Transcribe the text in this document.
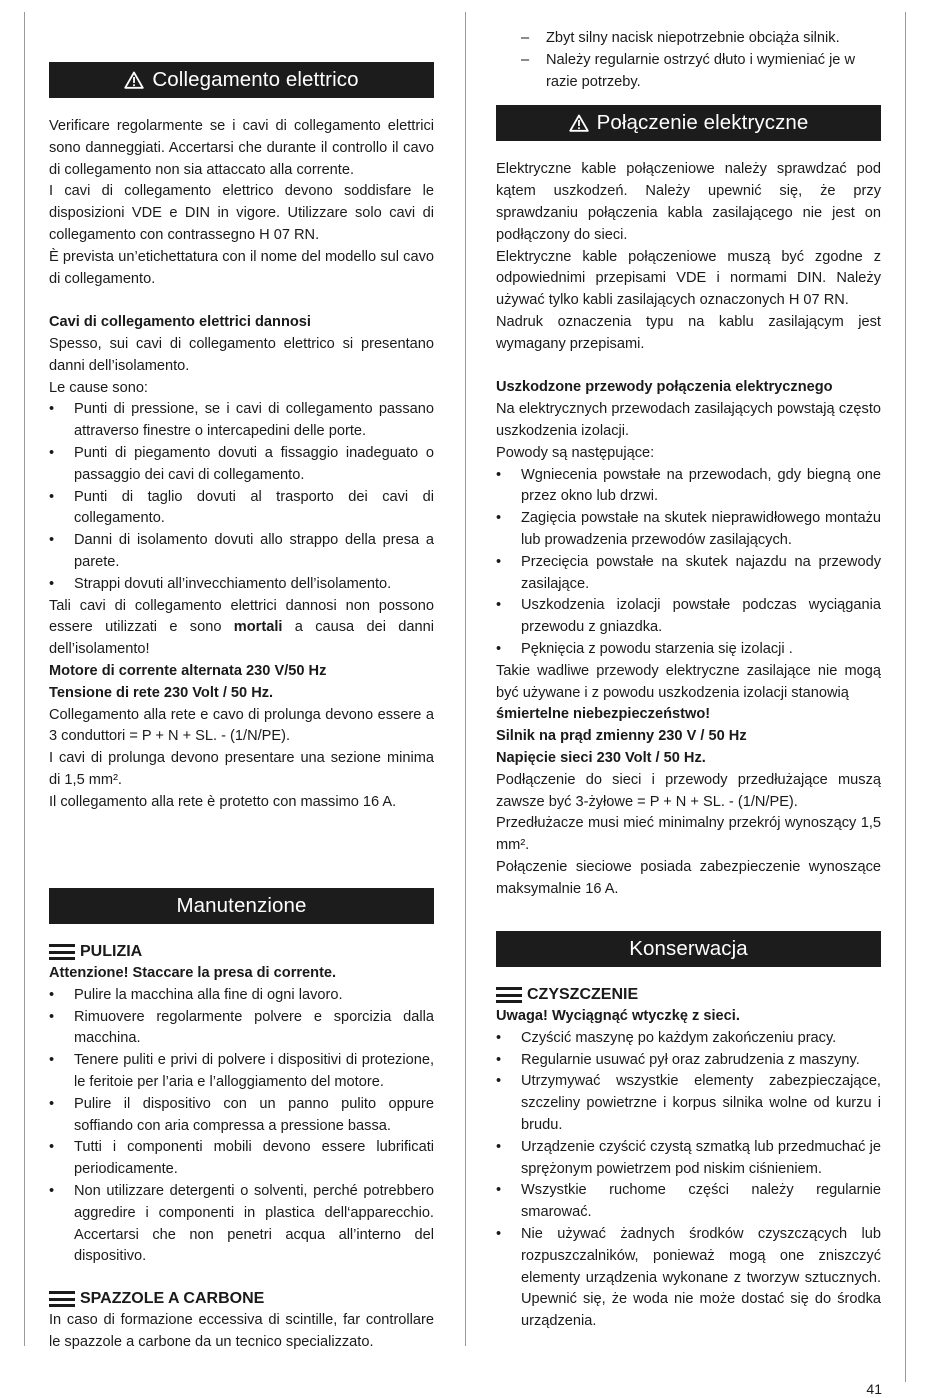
Collegamento elettrico

Verificare regolarmente se i cavi di collegamento elettrici sono danneggiati. Accertarsi che durante il controllo il cavo di collegamento non sia attaccato alla corrente.

I cavi di collegamento elettrico devono soddisfare le disposizioni VDE e DIN in vigore. Utilizzare solo cavi di collegamento con contrassegno H 07 RN.

È prevista un’etichettatura con il nome del modello sul cavo di collegamento.

Cavi di collegamento elettrici dannosi

Spesso, sui cavi di collegamento elettrico si presentano danni dell’isolamento.

Le cause sono:

• Punti di pressione, se i cavi di collegamento passano attraverso finestre o intercapedini delle porte.
• Punti di piegamento dovuti a fissaggio inadeguato o passaggio dei cavi di collegamento.
• Punti di taglio dovuti al trasporto dei cavi di collegamento.
• Danni di isolamento dovuti allo strappo della presa a parete.
• Strappi dovuti all’invecchiamento dell’isolamento.

Tali cavi di collegamento elettrici dannosi non possono essere utilizzati e sono mortali a causa dei danni dell’isolamento!

Motore di corrente alternata 230 V/50 Hz

Tensione di rete 230 Volt / 50 Hz.

Collegamento alla rete e cavo di prolunga devono essere a 3 conduttori = P + N + SL. - (1/N/PE).

I cavi di prolunga devono presentare una sezione minima di 1,5 mm².

Il collegamento alla rete è protetto con massimo 16 A.

Manutenzione
PULIZIA

Attenzione! Staccare la presa di corrente.

• Pulire la macchina alla fine di ogni lavoro.
• Rimuovere regolarmente polvere e sporcizia dalla macchina.
• Tenere puliti e privi di polvere i dispositivi di protezione, le feritoie per l’aria e l’alloggiamento del motore.
• Pulire il dispositivo con un panno pulito oppure soffiando con aria compressa a pressione bassa.
• Tutti i componenti mobili devono essere lubrificati periodicamente.
• Non utilizzare detergenti o solventi, perché potrebbero aggredire i componenti in plastica dell‘apparecchio. Accertarsi che non penetri acqua all’interno del dispositivo.
SPAZZOLE A CARBONE

In caso di formazione eccessiva di scintille, far controllare le spazzole a carbone da un tecnico specializzato.

– Zbyt silny nacisk niepotrzebnie obciąża silnik.
– Należy regularnie ostrzyć dłuto i wymieniać je w razie potrzeby.
Połączenie elektryczne

Elektryczne kable połączeniowe należy sprawdzać pod kątem uszkodzeń. Należy upewnić się, że przy sprawdzaniu połączenia kabla zasilającego nie jest on podłączony do sieci.

Elektryczne kable połączeniowe muszą być zgodne z odpowiednimi przepisami VDE i normami DIN. Należy używać tylko kabli zasilających oznaczonych H 07 RN.

Nadruk oznaczenia typu na kablu zasilającym jest wymagany przepisami.

Uszkodzone przewody połączenia elektrycznego

Na elektrycznych przewodach zasilających powstają często uszkodzenia izolacji.

Powody są następujące:

• Wgniecenia powstałe na przewodach, gdy biegną one przez okno lub drzwi.
• Zagięcia powstałe na skutek nieprawidłowego montażu lub prowadzenia przewodów zasilających.
• Przecięcia powstałe na skutek najazdu na przewody zasilające.
• Uszkodzenia izolacji powstałe podczas wyciągania przewodu z gniazdka.
• Pęknięcia z powodu starzenia się izolacji .

Takie wadliwe przewody elektryczne zasilające nie mogą być używane i z powodu uszkodzenia izolacji stanowią

śmiertelne niebezpieczeństwo!

Silnik na prąd zmienny 230 V / 50 Hz

Napięcie sieci 230 Volt / 50 Hz.

Podłączenie do sieci i przewody przedłużające muszą zawsze być 3-żyłowe = P + N + SL. - (1/N/PE).

Przedłużacze musi mieć minimalny przekrój wynoszący 1,5 mm².

Połączenie sieciowe posiada zabezpieczenie wynoszące maksymalnie 16 A.

Konserwacja
CZYSZCZENIE

Uwaga! Wyciągnąć wtyczkę z sieci.

• Czyścić maszynę po każdym zakończeniu pracy.
• Regularnie usuwać pył oraz zabrudzenia z maszyny.
• Utrzymywać wszystkie elementy zabezpieczające, szczeliny powietrzne i korpus silnika wolne od kurzu i brudu.
• Urządzenie czyścić czystą szmatką lub przedmuchać je sprężonym powietrzem pod niskim ciśnieniem.
• Wszystkie ruchome części należy regularnie smarować.
• Nie używać żadnych środków czyszczących lub rozpuszczalników, ponieważ mogą one zniszczyć elementy urządzenia wykonane z tworzyw sztucznych. Upewnić się, że woda nie może dostać się do środka urządzenia.
41
